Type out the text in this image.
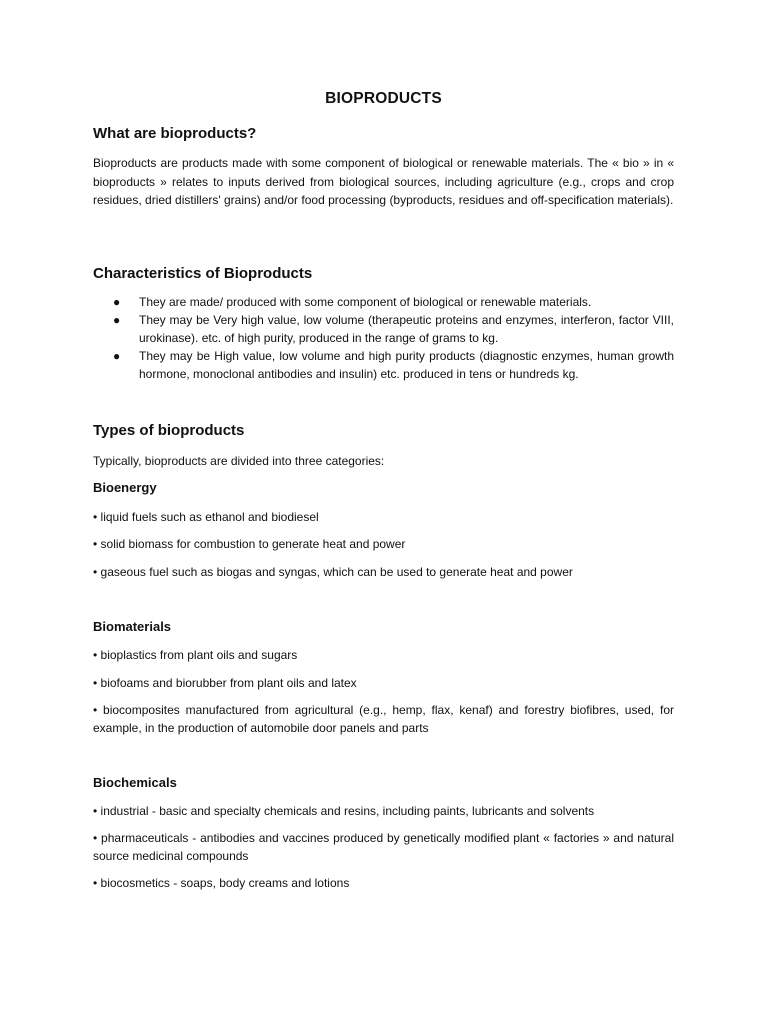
BIOPRODUCTS
What are bioproducts?
Bioproducts are products made with some component of biological or renewable materials. The « bio » in « bioproducts » relates to inputs derived from biological sources, including agriculture (e.g., crops and crop residues, dried distillers' grains) and/or food processing (byproducts, residues and off-specification materials).
Characteristics of Bioproducts
● They are made/ produced with some component of biological or renewable materials.
● They may be Very high value, low volume (therapeutic proteins and enzymes, interferon, factor VIII, urokinase). etc. of high purity, produced in the range of grams to kg.
● They may be High value, low volume and high purity products (diagnostic enzymes, human growth hormone, monoclonal antibodies and insulin) etc. produced in tens or hundreds kg.
Types of bioproducts
Typically, bioproducts are divided into three categories:
Bioenergy
• liquid fuels such as ethanol and biodiesel
• solid biomass for combustion to generate heat and power
• gaseous fuel such as biogas and syngas, which can be used to generate heat and power
Biomaterials
• bioplastics from plant oils and sugars
• biofoams and biorubber from plant oils and latex
• biocomposites manufactured from agricultural (e.g., hemp, flax, kenaf) and forestry biofibres, used, for example, in the production of automobile door panels and parts
Biochemicals
• industrial - basic and specialty chemicals and resins, including paints, lubricants and solvents
• pharmaceuticals - antibodies and vaccines produced by genetically modified plant « factories » and natural source medicinal compounds
• biocosmetics - soaps, body creams and lotions
